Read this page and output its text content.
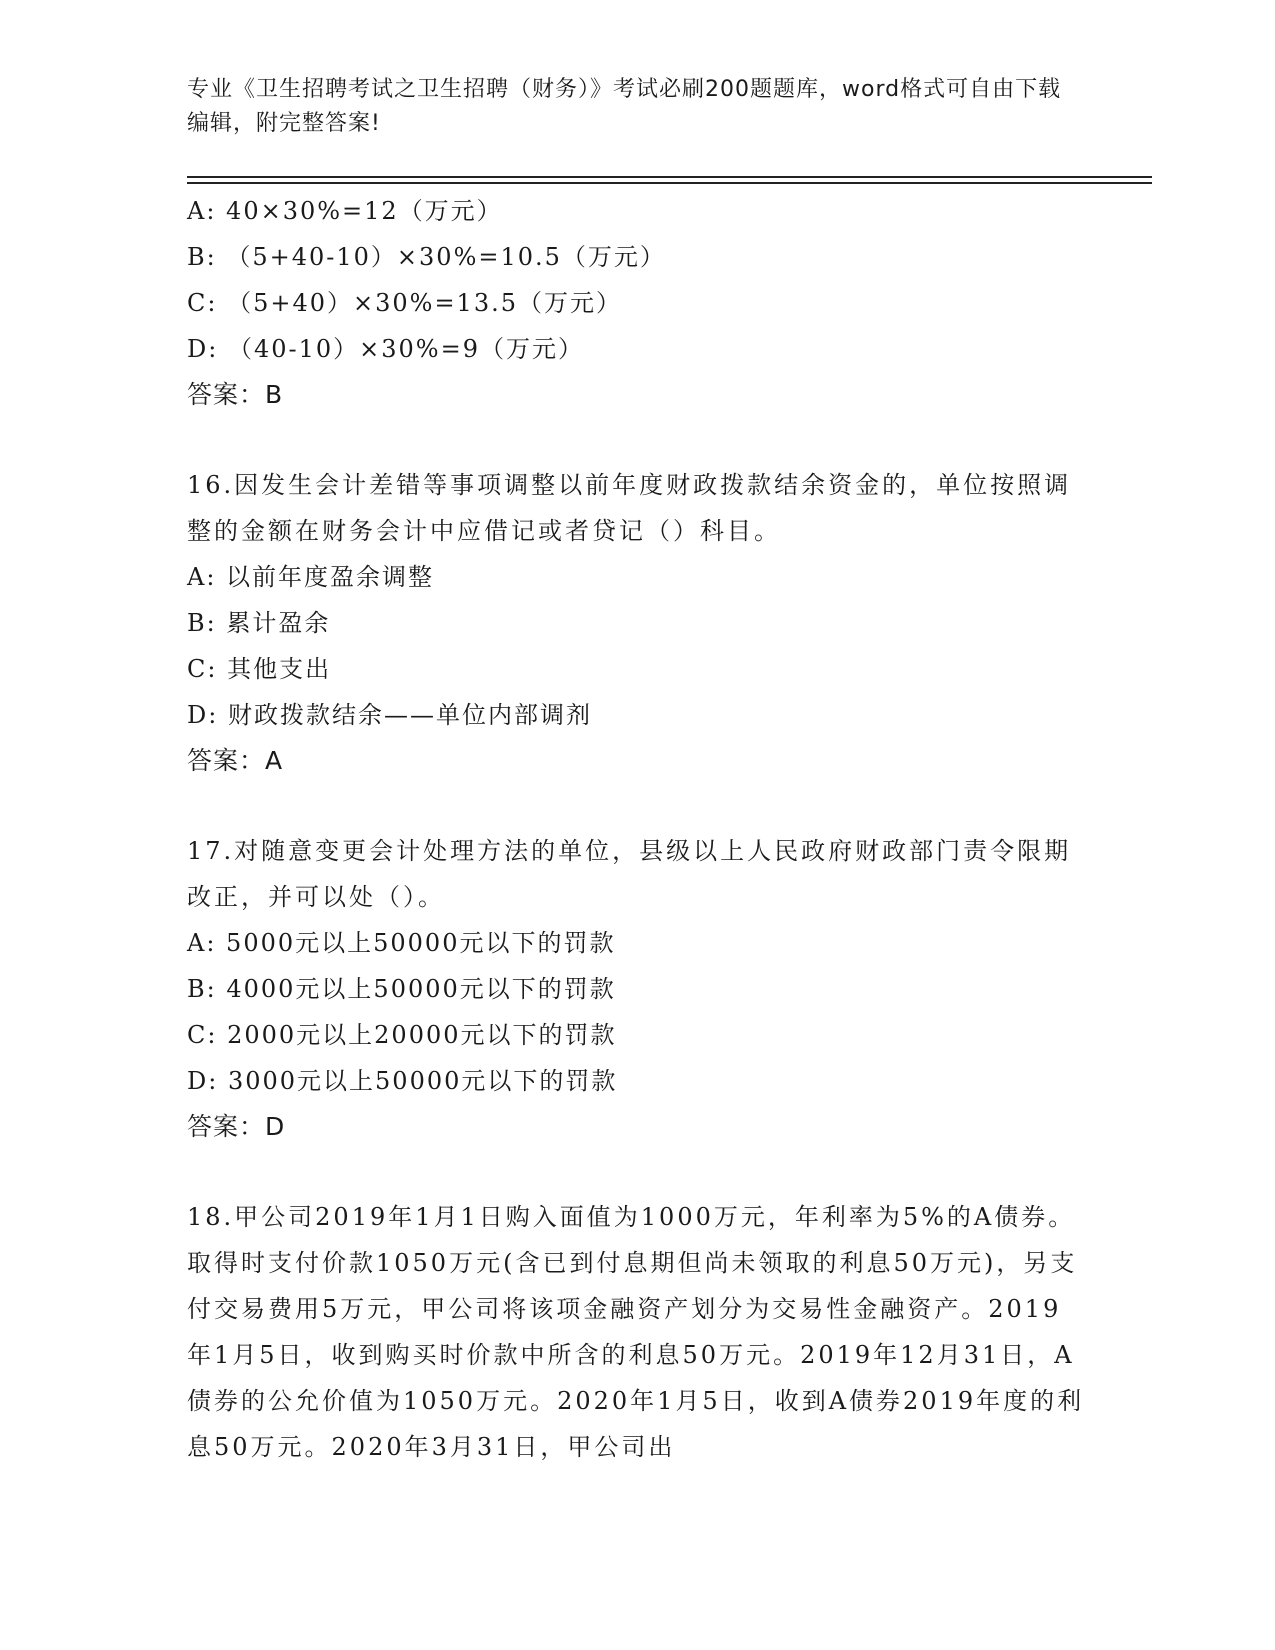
专业《卫生招聘考试之卫生招聘（财务）》考试必刷200题题库，word格式可自由下载编辑，附完整答案!
A: 40×30%=12（万元）
B: （5+40-10）×30%=10.5（万元）
C: （5+40）×30%=13.5（万元）
D: （40-10）×30%=9（万元）
答案：B
16.因发生会计差错等事项调整以前年度财政拨款结余资金的，单位按照调整的金额在财务会计中应借记或者贷记（）科目。
A: 以前年度盈余调整
B: 累计盈余
C: 其他支出
D: 财政拨款结余——单位内部调剂
答案：A
17.对随意变更会计处理方法的单位，县级以上人民政府财政部门责令限期改正，并可以处（）。
A: 5000元以上50000元以下的罚款
B: 4000元以上50000元以下的罚款
C: 2000元以上20000元以下的罚款
D: 3000元以上50000元以下的罚款
答案：D
18.甲公司2019年1月1日购入面值为1000万元，年利率为5%的A债券。取得时支付价款1050万元(含已到付息期但尚未领取的利息50万元)，另支付交易费用5万元，甲公司将该项金融资产划分为交易性金融资产。2019年1月5日，收到购买时价款中所含的利息50万元。2019年12月31日，A债券的公允价值为1050万元。2020年1月5日，收到A债券2019年度的利息50万元。2020年3月31日，甲公司出
